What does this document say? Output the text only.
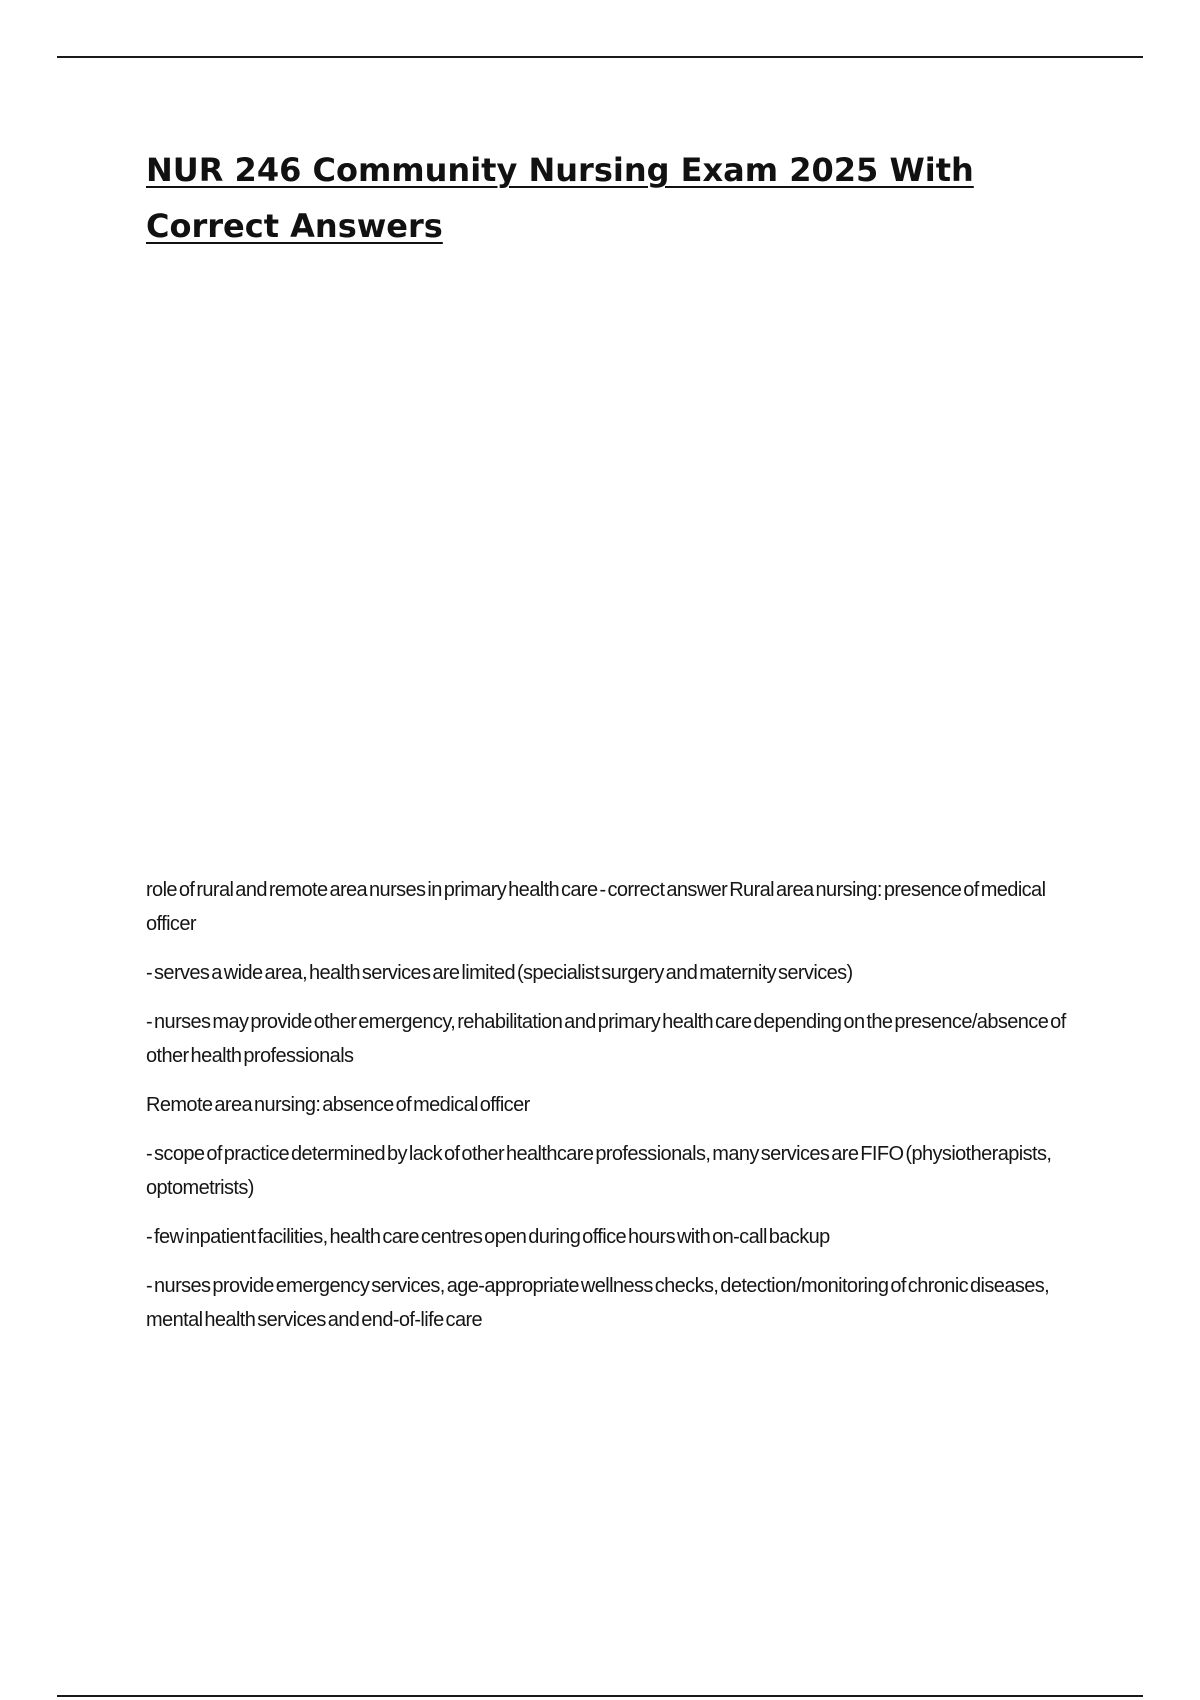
NUR 246 Community Nursing Exam 2025 With Correct Answers

role of rural and remote area nurses in primary health care - correct answer Rural area nursing: presence of medical officer

- serves a wide area, health services are limited (specialist surgery and maternity services)

- nurses may provide other emergency, rehabilitation and primary health care depending on the presence/absence of other health professionals

Remote area nursing: absence of medical officer

- scope of practice determined by lack of other healthcare professionals, many services are FIFO (physiotherapists, optometrists)

- few inpatient facilities, health care centres open during office hours with on-call backup

- nurses provide emergency services, age-appropriate wellness checks, detection/monitoring of chronic diseases, mental health services and end-of-life care
